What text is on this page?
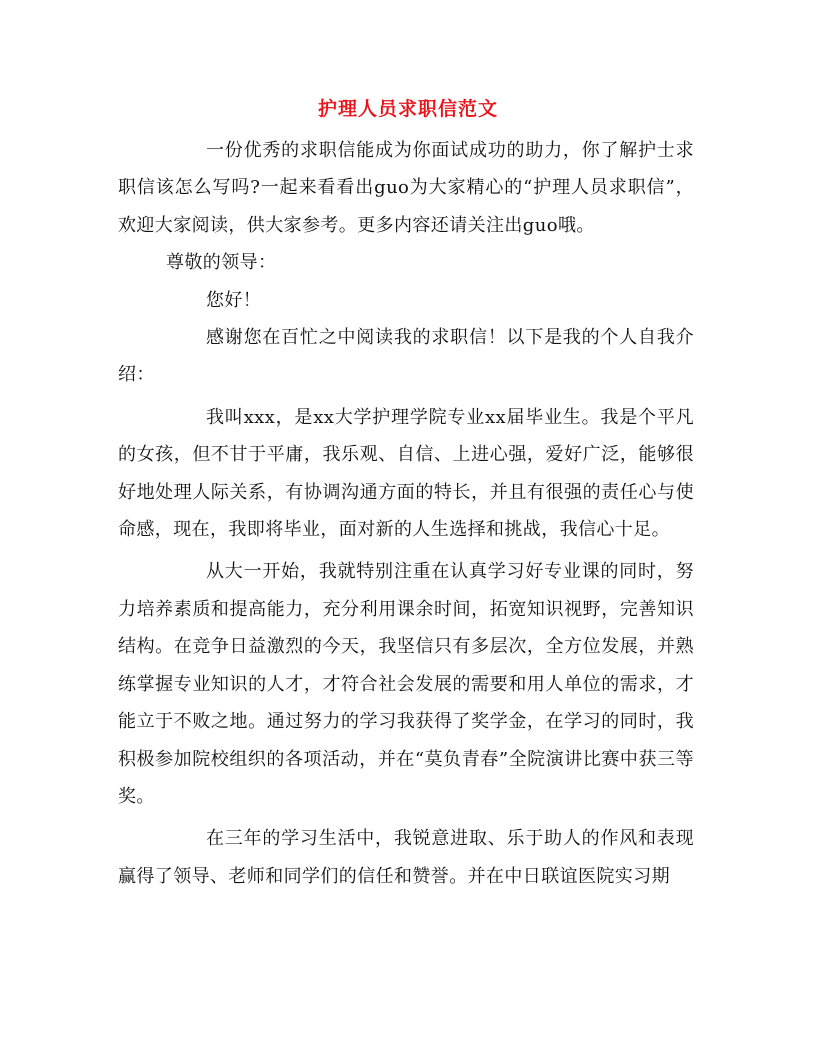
护理人员求职信范文

一份优秀的求职信能成为你面试成功的助力，你了解护士求职信该怎么写吗?一起来看看出guo为大家精心的“护理人员求职信”，欢迎大家阅读，供大家参考。更多内容还请关注出guo哦。

尊敬的领导：

您好！

感谢您在百忙之中阅读我的求职信！以下是我的个人自我介绍：

我叫xxx，是xx大学护理学院专业xx届毕业生。我是个平凡的女孩，但不甘于平庸，我乐观、自信、上进心强，爱好广泛，能够很好地处理人际关系，有协调沟通方面的特长，并且有很强的责任心与使命感，现在，我即将毕业，面对新的人生选择和挑战，我信心十足。

从大一开始，我就特别注重在认真学习好专业课的同时，努力培养素质和提高能力，充分利用课余时间，拓宽知识视野，完善知识结构。在竞争日益激烈的今天，我坚信只有多层次，全方位发展，并熟练掌握专业知识的人才，才符合社会发展的需要和用人单位的需求，才能立于不败之地。通过努力的学习我获得了奖学金，在学习的同时，我积极参加院校组织的各项活动，并在“莫负青春”全院演讲比赛中获三等奖。

在三年的学习生活中，我锐意进取、乐于助人的作风和表现赢得了领导、老师和同学们的信任和赞誉。并在中日联谊医院实习期
